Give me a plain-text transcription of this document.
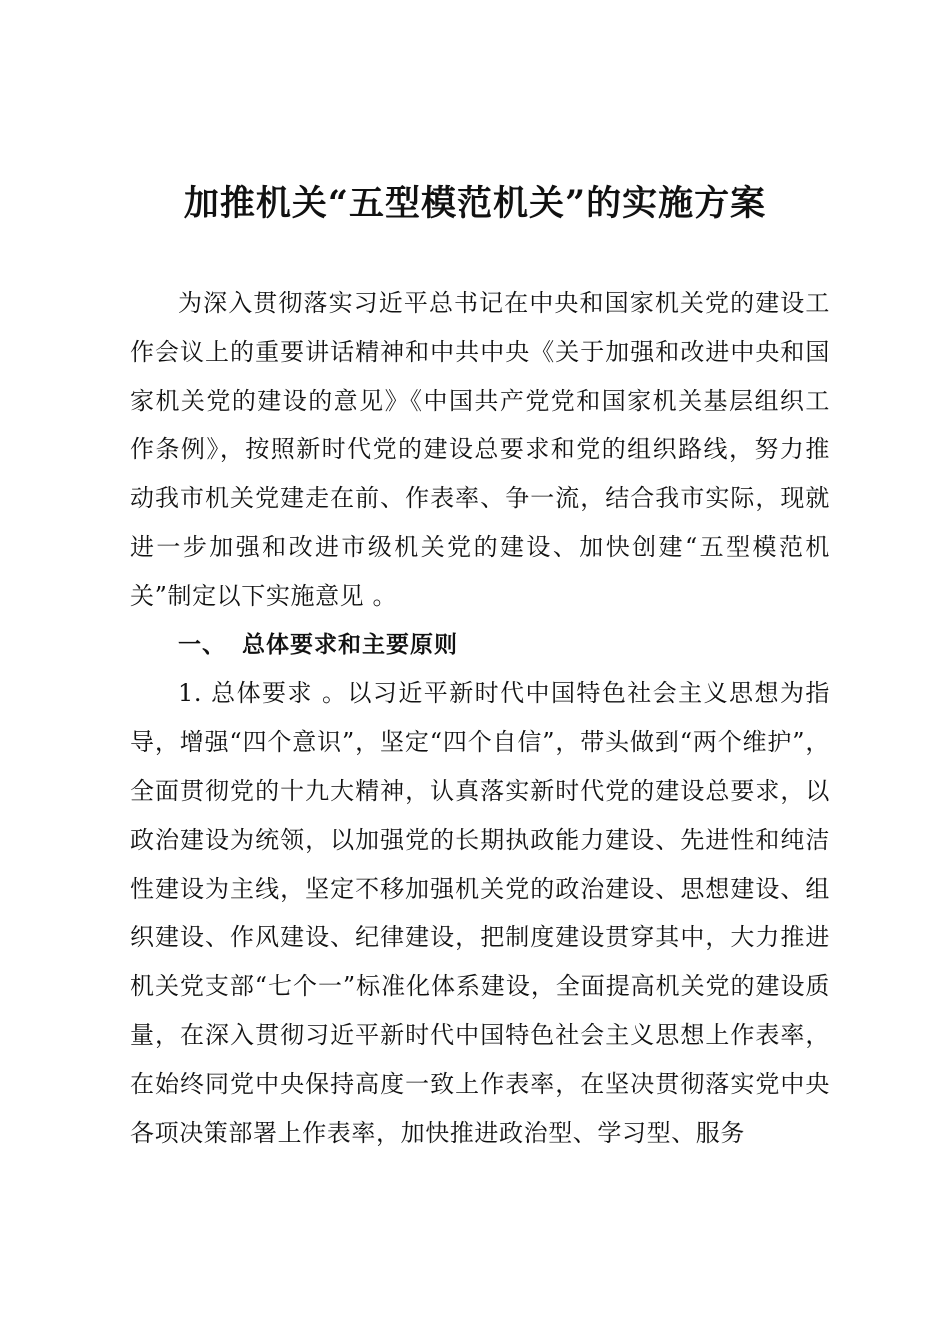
加推机关“五型模范机关”的实施方案

为深入贯彻落实习近平总书记在中央和国家机关党的建设工作会议上的重要讲话精神和中共中央《关于加强和改进中央和国家机关党的建设的意见》《中国共产党党和国家机关基层组织工作条例》，按照新时代党的建设总要求和党的组织路线，努力推动我市机关党建走在前、作表率、争一流，结合我市实际，现就进一步加强和改进市级机关党的建设、加快创建“五型模范机关”制定以下实施意见 。

一、 总体要求和主要原则

1. 总体要求 。以习近平新时代中国特色社会主义思想为指导，增强“四个意识”，坚定“四个自信”，带头做到“两个维护”，全面贯彻党的十九大精神，认真落实新时代党的建设总要求，以政治建设为统领，以加强党的长期执政能力建设、先进性和纯洁性建设为主线，坚定不移加强机关党的政治建设、思想建设、组织建设、作风建设、纪律建设，把制度建设贯穿其中，大力推进机关党支部“七个一”标准化体系建设，全面提高机关党的建设质量，在深入贯彻习近平新时代中国特色社会主义思想上作表率，在始终同党中央保持高度一致上作表率，在坚决贯彻落实党中央各项决策部署上作表率，加快推进政治型、学习型、服务
